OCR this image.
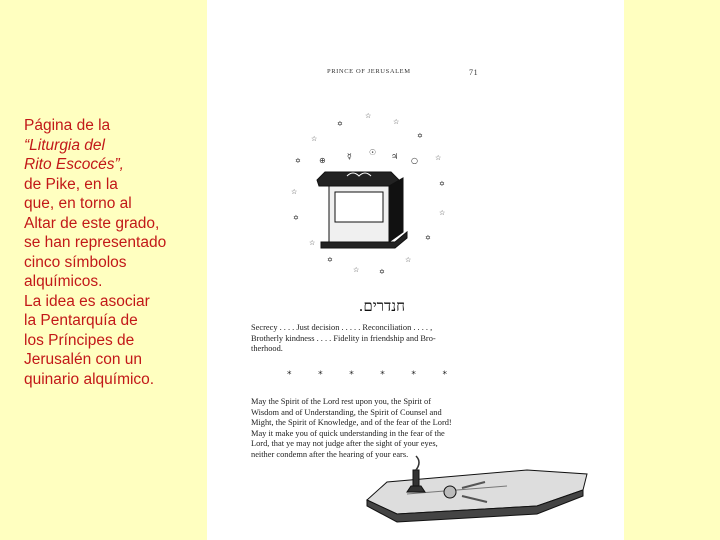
Página de la
“Liturgia del
Rito Escocés”,
de Pike, en la
que, en torno al
Altar de este grado,
se han representado
cinco símbolos
alquímicos.
La idea es asociar
la Pentarquía de
los Príncipes de
Jerusalén con un
quinario alquímico.
PRINCE OF JERUSALEM	71
☆
✡
☆
✡
☆
✡
☆
✡
☆	✡
☆
✡
☆
✡
☆
✡
☆
⊕	☿ ☉ ♃ ○
חנדרים.
Secrecy . . . . Just decision . . . . . Reconciliation . . . . ,
Brotherly kindness . . . . Fidelity in friendship and Bro-
therhood.
*	*	*	*	*	*
May the Spirit of the Lord rest upon you, the Spirit of
Wisdom and of Understanding, the Spirit of Counsel and
Might, the Spirit of Knowledge, and of the fear of the Lord!
May it make you of quick understanding in the fear of the
Lord, that ye may not judge after the sight of your eyes,
neither condemn after the hearing of your ears.
